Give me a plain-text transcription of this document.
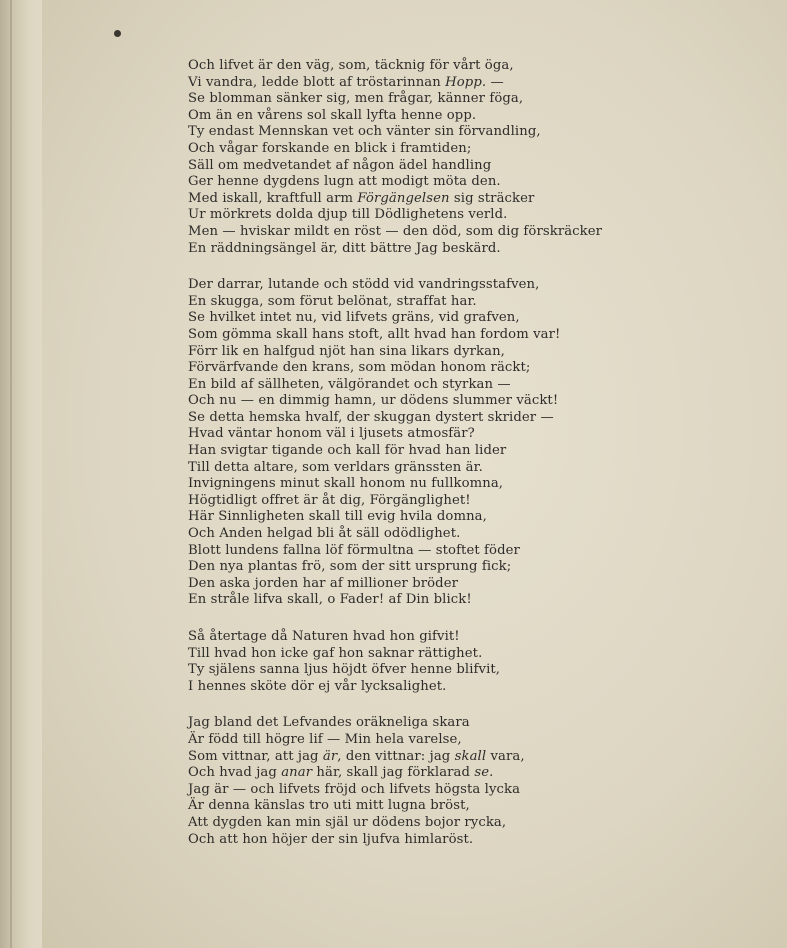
Och lifvet är den väg, som, täcknig för vårt öga,
Vi vandra, ledde blott af tröstarinnan Hopp. —
Se blomman sänker sig, men frågar, känner föga,
Om än en vårens sol skall lyfta henne opp.
Ty endast Mennskan vet och vänter sin förvandling,
Och vågar forskande en blick i framtiden;
Säll om medvetandet af någon ädel handling
Ger henne dygdens lugn att modigt möta den.
Med iskall, kraftfull arm Förgängelsen sig sträcker
Ur mörkrets dolda djup till Dödlighetens verld.
Men — hviskar mildt en röst — den död, som dig förskräcker
En räddningsängel är, ditt bättre Jag beskärd.
Der darrar, lutande och stödd vid vandringsstafven,
En skugga, som förut belönat, straffat har.
Se hvilket intet nu, vid lifvets gräns, vid grafven,
Som gömma skall hans stoft, allt hvad han fordom var!
Förr lik en halfgud njöt han sina likars dyrkan,
Förvärfvande den krans, som mödan honom räckt;
En bild af sällheten, välgörandet och styrkan —
Och nu — en dimmig hamn, ur dödens slummer väckt!
Se detta hemska hvalf, der skuggan dystert skrider —
Hvad väntar honom väl i ljusets atmosfär?
Han svigtar tigande och kall för hvad han lider
Till detta altare, som verldars gränssten är.
Invigningens minut skall honom nu fullkomna,
Högtidligt offret är åt dig, Förgänglighet!
Här Sinnligheten skall till evig hvila domna,
Och Anden helgad bli åt säll odödlighet.
Blott lundens fallna löf förmultna — stoftet föder
Den nya plantas frö, som der sitt ursprung fick;
Den aska jorden har af millioner bröder
En stråle lifva skall, o Fader! af Din blick!
Så återtage då Naturen hvad hon gifvit!
Till hvad hon icke gaf hon saknar rättighet.
Ty själens sanna ljus höjdt öfver henne blifvit,
I hennes sköte dör ej vår lycksalighet.
Jag bland det Lefvandes oräkneliga skara
Är född till högre lif — Min hela varelse,
Som vittnar, att jag är, den vittnar: jag skall vara,
Och hvad jag anar här, skall jag förklarad se.
Jag är — och lifvets fröjd och lifvets högsta lycka
Är denna känslas tro uti mitt lugna bröst,
Att dygden kan min själ ur dödens bojor rycka,
Och att hon höjer der sin ljufva himlaröst.
